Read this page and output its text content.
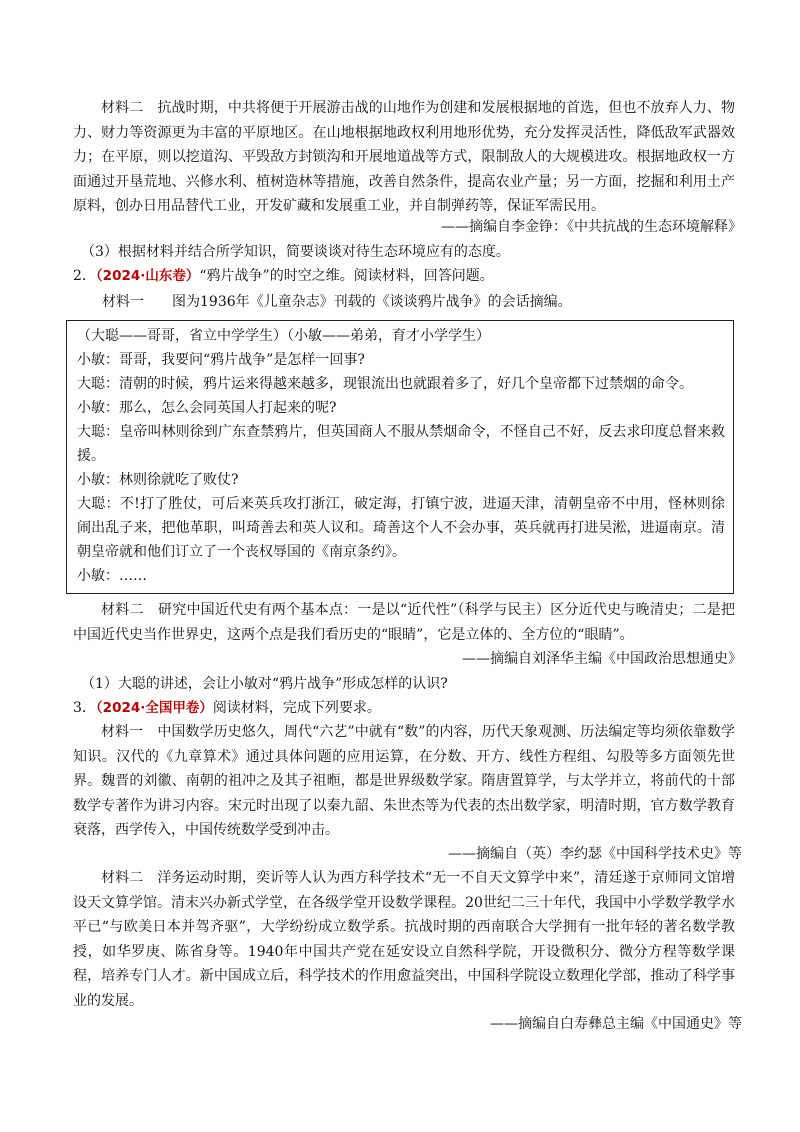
材料二　 抗战时期，中共将便于开展游击战的山地作为创建和发展根据地的首选，但也不放弃人力、物力、财力等资源更为丰富的平原地区。在山地根据地政权利用地形优势，充分发挥灵活性，降低敌军武器效力；在平原，则以挖道沟、平毁敌方封锁沟和开展地道战等方式，限制敌人的大规模进攻。根据地政权一方面通过开垦荒地、兴修水利、植树造林等措施，改善自然条件，提高农业产量；另一方面，挖掘和利用土产原料，创办日用品替代工业，开发矿藏和发展重工业，并自制弹药等，保证军需民用。

——摘编自李金铮：《中共抗战的生态环境解释》

（3）根据材料并结合所学知识，简要谈谈对待生态环境应有的态度。

2．（2024·山东卷）“鸦片战争”的时空之维。阅读材料，回答问题。

材料一　　 图为1936年《儿童杂志》刊载的《谈谈鸦片战争》的会话摘编。

（大聪——哥哥，省立中学学生）（小敏——弟弟，育才小学学生）

小敏：哥哥，我要问“鸦片战争”是怎样一回事?

大聪：清朝的时候，鸦片运来得越来越多，现银流出也就跟着多了，好几个皇帝都下过禁烟的命令。

小敏：那么，怎么会同英国人打起来的呢?

大聪：皇帝叫林则徐到广东查禁鸦片，但英国商人不服从禁烟命令，不怪自己不好，反去求印度总督来救援。

小敏：林则徐就吃了败仗?

大聪：不!打了胜仗，可后来英兵攻打浙江，破定海，打镇宁波，进逼天津，清朝皇帝不中用，怪林则徐闹出乱子来，把他革职，叫琦善去和英人议和。琦善这个人不会办事，英兵就再打进吴淞，进逼南京。清朝皇帝就和他们订立了一个丧权辱国的《南京条约》。

小敏：……

材料二　 研究中国近代史有两个基本点：一是以“近代性”（科学与民主）区分近代史与晚清史；二是把中国近代史当作世界史，这两个点是我们看历史的“眼睛”，它是立体的、全方位的“眼睛”。

——摘编自刘泽华主编《中国政治思想通史》

（1）大聪的讲述，会让小敏对“鸦片战争”形成怎样的认识?

3．（2024·全国甲卷）阅读材料，完成下列要求。

材料一　 中国数学历史悠久，周代“六艺”中就有“数”的内容，历代天象观测、历法编定等均须依靠数学知识。汉代的《九章算术》通过具体问题的应用运算，在分数、开方、线性方程组、勾股等多方面领先世界。魏晋的刘徽、南朝的祖冲之及其子祖暅，都是世界级数学家。隋唐置算学，与太学并立，将前代的十部数学专著作为讲习内容。宋元时出现了以秦九韶、朱世杰等为代表的杰出数学家，明清时期，官方数学教育衰落，西学传入，中国传统数学受到冲击。

——摘编自（英）李约瑟《中国科学技术史》等

材料二　 洋务运动时期，奕䜣等人认为西方科学技术“无一不自天文算学中来”，清廷遂于京师同文馆增设天文算学馆。清末兴办新式学堂，在各级学堂开设数学课程。20世纪二三十年代，我国中小学数学教学水平已“与欧美日本并驾齐驱”，大学纷纷成立数学系。抗战时期的西南联合大学拥有一批年轻的著名数学教授，如华罗庚、陈省身等。1940年中国共产党在延安设立自然科学院，开设微积分、微分方程等数学课程，培养专门人才。新中国成立后，科学技术的作用愈益突出，中国科学院设立数理化学部，推动了科学事业的发展。

——摘编自白寿彝总主编《中国通史》等
